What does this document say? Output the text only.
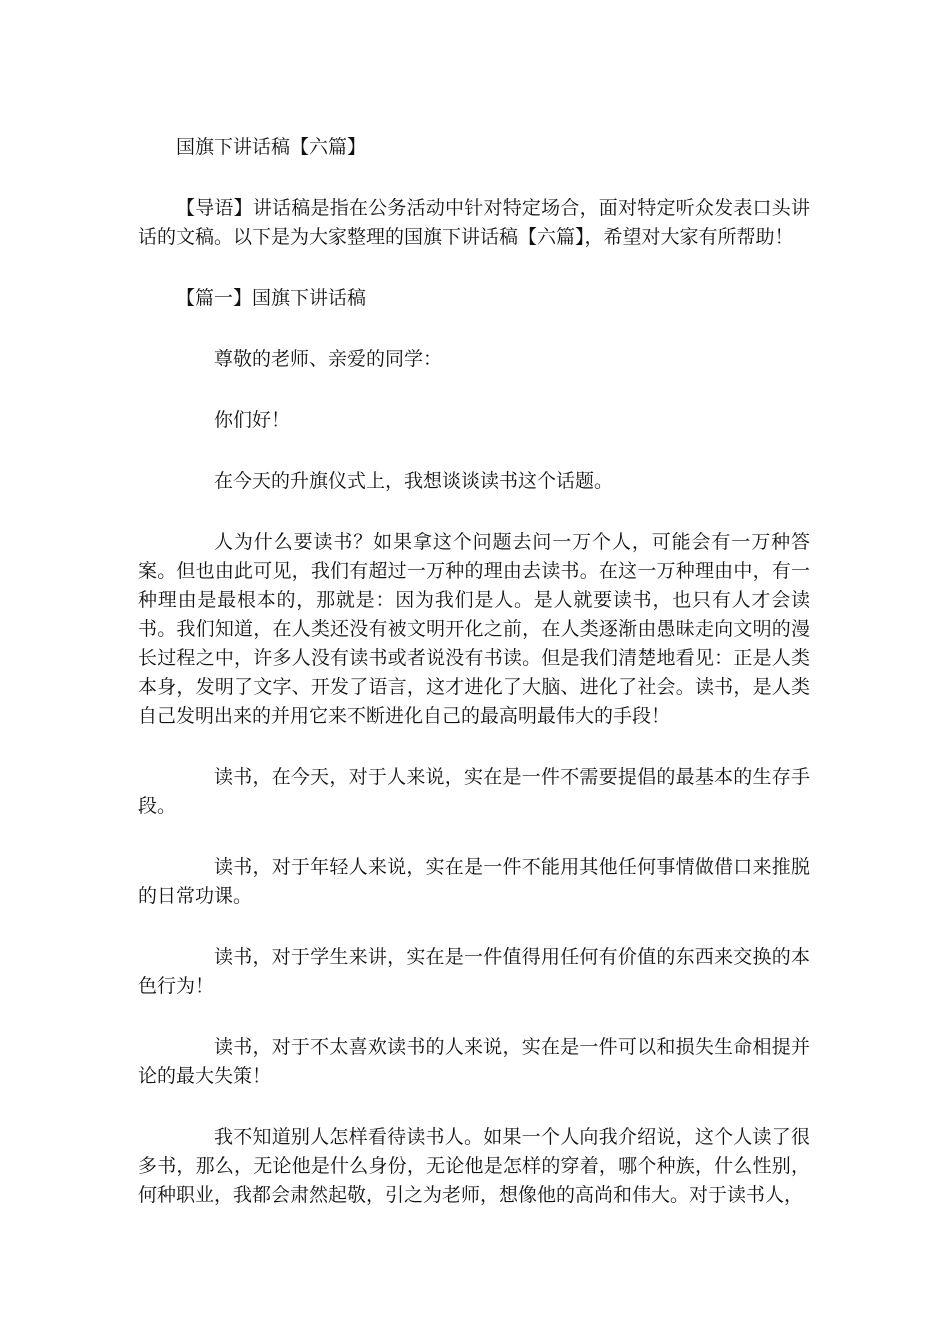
国旗下讲话稿【六篇】

【导语】讲话稿是指在公务活动中针对特定场合，面对特定听众发表口头讲话的文稿。以下是为大家整理的国旗下讲话稿【六篇】，希望对大家有所帮助！

【篇一】国旗下讲话稿

尊敬的老师、亲爱的同学：

你们好！

在今天的升旗仪式上，我想谈谈读书这个话题。

人为什么要读书？如果拿这个问题去问一万个人，可能会有一万种答案。但也由此可见，我们有超过一万种的理由去读书。在这一万种理由中，有一种理由是最根本的，那就是：因为我们是人。是人就要读书，也只有人才会读书。我们知道，在人类还没有被文明开化之前，在人类逐渐由愚昧走向文明的漫长过程之中，许多人没有读书或者说没有书读。但是我们清楚地看见：正是人类本身，发明了文字、开发了语言，这才进化了大脑、进化了社会。读书，是人类自己发明出来的并用它来不断进化自己的最高明最伟大的手段！

读书，在今天，对于人来说，实在是一件不需要提倡的最基本的生存手段。

读书，对于年轻人来说，实在是一件不能用其他任何事情做借口来推脱的日常功课。

读书，对于学生来讲，实在是一件值得用任何有价值的东西来交换的本色行为！

读书，对于不太喜欢读书的人来说，实在是一件可以和损失生命相提并论的最大失策！

我不知道别人怎样看待读书人。如果一个人向我介绍说，这个人读了很多书，那么，无论他是什么身份，无论他是怎样的穿着，哪个种族，什么性别，何种职业，我都会肃然起敬，引之为老师，想像他的高尚和伟大。对于读书人，
